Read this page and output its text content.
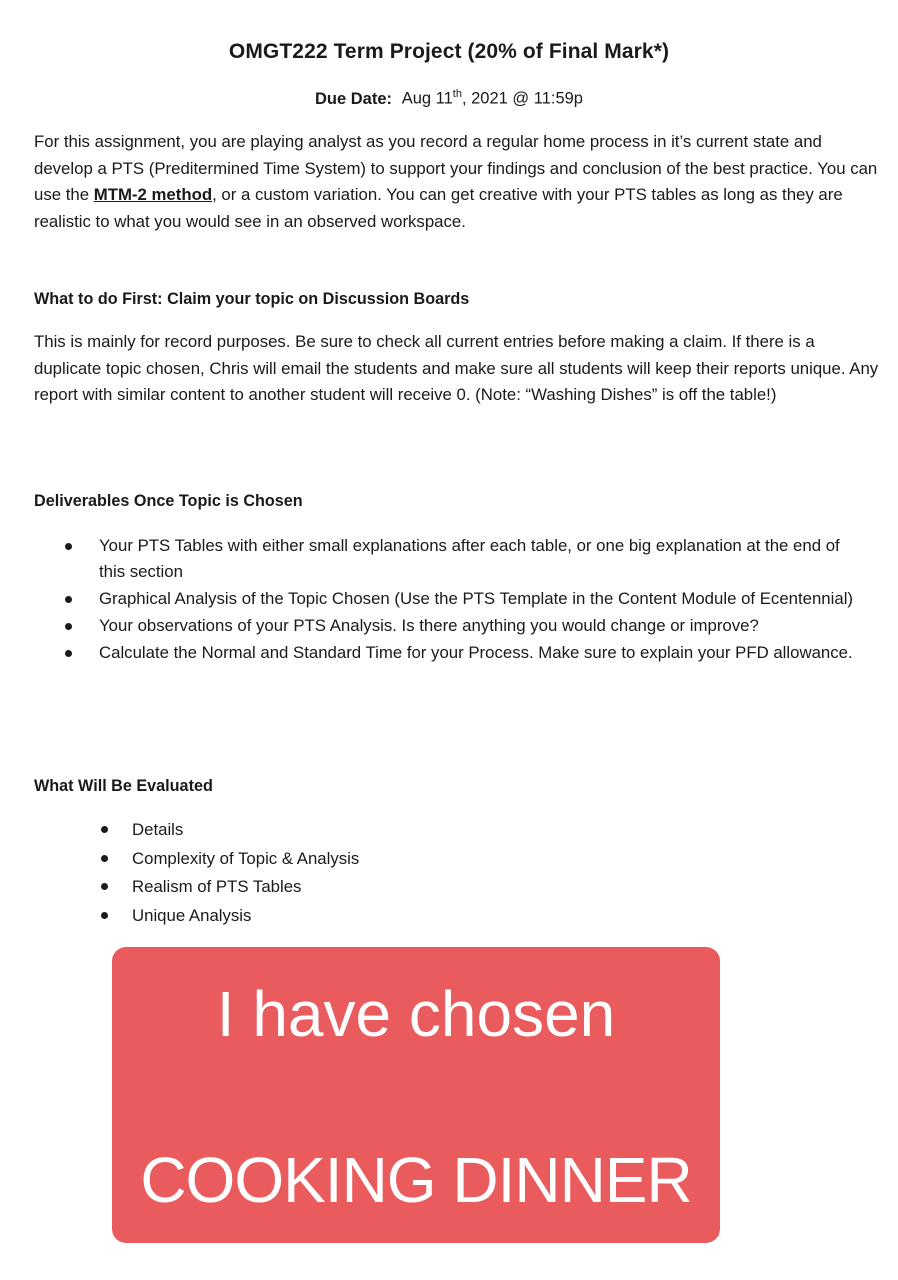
OMGT222 Term Project (20% of Final Mark*)
Due Date: Aug 11th, 2021 @ 11:59p
For this assignment, you are playing analyst as you record a regular home process in it’s current state and develop a PTS (Preditermined Time System) to support your findings and conclusion of the best practice. You can use the MTM-2 method, or a custom variation. You can get creative with your PTS tables as long as they are realistic to what you would see in an observed workspace.
What to do First: Claim your topic on Discussion Boards
This is mainly for record purposes. Be sure to check all current entries before making a claim. If there is a duplicate topic chosen, Chris will email the students and make sure all students will keep their reports unique. Any report with similar content to another student will receive 0. (Note: “Washing Dishes” is off the table!)
Deliverables Once Topic is Chosen
Your PTS Tables with either small explanations after each table, or one big explanation at the end of this section
Graphical Analysis of the Topic Chosen (Use the PTS Template in the Content Module of Ecentennial)
Your observations of your PTS Analysis. Is there anything you would change or improve?
Calculate the Normal and Standard Time for your Process. Make sure to explain your PFD allowance.
What Will Be Evaluated
Details
Complexity of Topic & Analysis
Realism of PTS Tables
Unique Analysis
I have chosen
COOKING DINNER
